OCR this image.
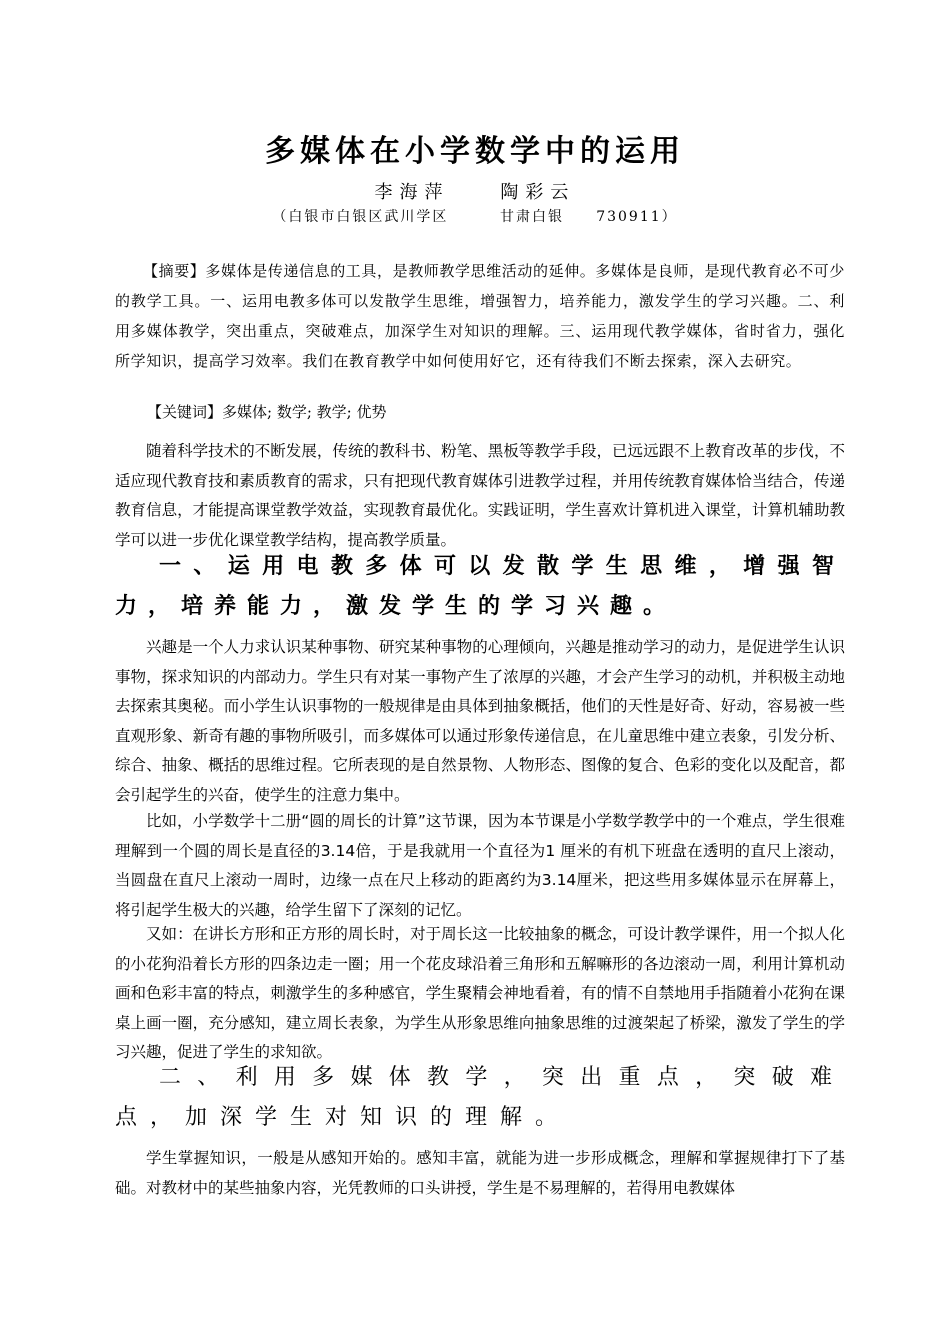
多媒体在小学数学中的运用
李海萍    陶彩云
（白银市白银区武川学区        甘肃白银     730911）

【摘要】多媒体是传递信息的工具，是教师教学思维活动的延伸。多媒体是良师，是现代教育必不可少的教学工具。一、运用电教多体可以发散学生思维，增强智力，培养能力，激发学生的学习兴趣。二、利用多媒体教学，突出重点，突破难点，加深学生对知识的理解。三、运用现代教学媒体，省时省力，强化所学知识，提高学习效率。我们在教育教学中如何使用好它，还有待我们不断去探索，深入去研究。

【关键词】多媒体; 数学; 教学; 优势

随着科学技术的不断发展，传统的教科书、粉笔、黑板等教学手段，已远远跟不上教育改革的步伐，不适应现代教育技和素质教育的需求，只有把现代教育媒体引进教学过程，并用传统教育媒体恰当结合，传递教育信息，才能提高课堂教学效益，实现教育最优化。实践证明，学生喜欢计算机进入课堂，计算机辅助教学可以进一步优化课堂教学结构，提高教学质量。

一、运用电教多体可以发散学生思维，增强智力，培养能力，激发学生的学习兴趣。

兴趣是一个人力求认识某种事物、研究某种事物的心理倾向，兴趣是推动学习的动力，是促进学生认识事物，探求知识的内部动力。学生只有对某一事物产生了浓厚的兴趣，才会产生学习的动机，并积极主动地去探索其奥秘。而小学生认识事物的一般规律是由具体到抽象概括，他们的天性是好奇、好动，容易被一些直观形象、新奇有趣的事物所吸引，而多媒体可以通过形象传递信息，在儿童思维中建立表象，引发分析、综合、抽象、概括的思维过程。它所表现的是自然景物、人物形态、图像的复合、色彩的变化以及配音，都会引起学生的兴奋，使学生的注意力集中。

比如，小学数学十二册“圆的周长的计算”这节课，因为本节课是小学数学教学中的一个难点，学生很难理解到一个圆的周长是直径的3.14倍，于是我就用一个直径为1 厘米的有机下班盘在透明的直尺上滚动，当圆盘在直尺上滚动一周时，边缘一点在尺上移动的距离约为3.14厘米，把这些用多媒体显示在屏幕上，将引起学生极大的兴趣，给学生留下了深刻的记忆。

又如：在讲长方形和正方形的周长时，对于周长这一比较抽象的概念，可设计教学课件，用一个拟人化的小花狗沿着长方形的四条边走一圈；用一个花皮球沿着三角形和五解嘛形的各边滚动一周，利用计算机动画和色彩丰富的特点，刺激学生的多种感官，学生聚精会神地看着，有的情不自禁地用手指随着小花狗在课桌上画一圈，充分感知，建立周长表象，为学生从形象思维向抽象思维的过渡架起了桥梁，激发了学生的学习兴趣，促进了学生的求知欲。

二、利用多媒体教学，突出重点，突破难点，加深学生对知识的理解。

学生掌握知识，一般是从感知开始的。感知丰富，就能为进一步形成概念，理解和掌握规律打下了基础。对教材中的某些抽象内容，光凭教师的口头讲授，学生是不易理解的，若得用电教媒体
